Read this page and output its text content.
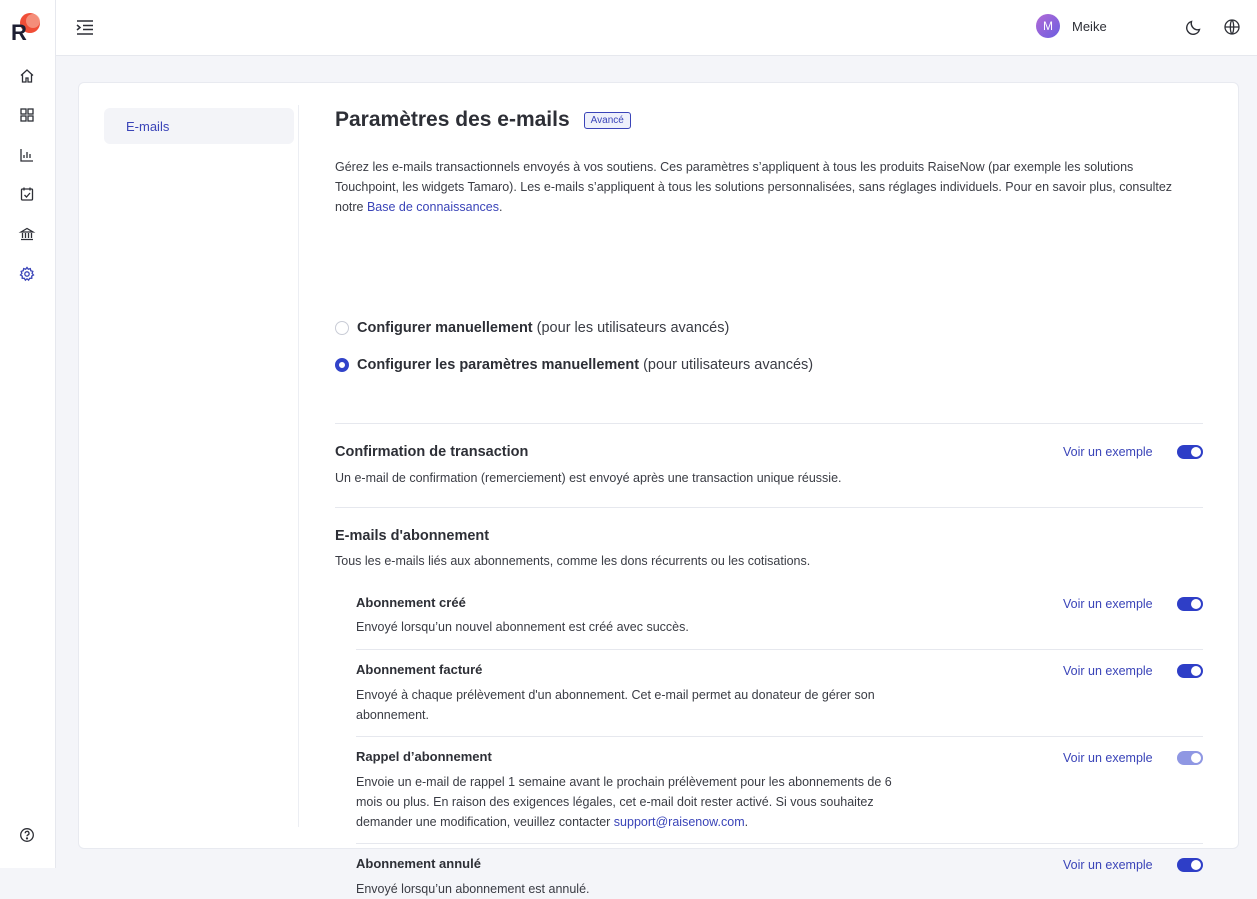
R	M	Meike
E-mails	Paramètres des e-mails	Avancé

Gérez les e-mails transactionnels envoyés à vos soutiens. Ces paramètres s’appliquent à tous les produits RaiseNow (par exemple les solutions Touchpoint, les widgets Tamaro). Les e-mails s’appliquent à tous les solutions personnalisées, sans réglages individuels. Pour en savoir plus, consultez notre Base de connaissances.

Configurer manuellement (pour les utilisateurs avancés)
Configurer les paramètres manuellement (pour utilisateurs avancés)
Confirmation de transaction	Voir un exemple
Un e-mail de confirmation (remerciement) est envoyé après une transaction unique réussie.
E-mails d'abonnement
Tous les e-mails liés aux abonnements, comme les dons récurrents ou les cotisations.
Abonnement créé	Voir un exemple
Envoyé lorsqu’un nouvel abonnement est créé avec succès.
Abonnement facturé	Voir un exemple
Envoyé à chaque prélèvement d'un abonnement. Cet e-mail permet au donateur de gérer son abonnement.
Rappel d’abonnement	Voir un exemple
Envoie un e-mail de rappel 1 semaine avant le prochain prélèvement pour les abonnements de 6 mois ou plus. En raison des exigences légales, cet e-mail doit rester activé. Si vous souhaitez demander une modification, veuillez contacter support@raisenow.com.
Abonnement annulé	Voir un exemple
Envoyé lorsqu’un abonnement est annulé.
